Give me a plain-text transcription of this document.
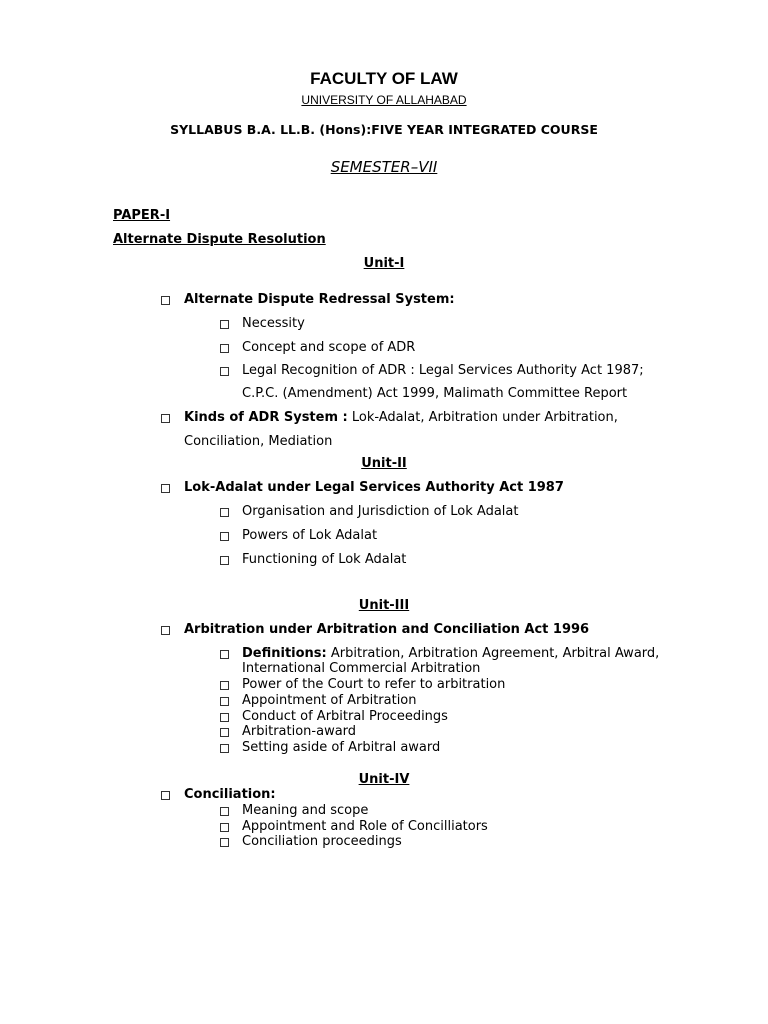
FACULTY OF LAW
UNIVERSITY OF ALLAHABAD
SYLLABUS B.A. LL.B. (Hons):FIVE YEAR INTEGRATED COURSE
SEMESTER–VII
PAPER-I
Alternate Dispute Resolution
Unit-I
Alternate Dispute Redressal System:
Necessity
Concept and scope of ADR
Legal Recognition of ADR : Legal Services Authority Act 1987;
C.P.C. (Amendment) Act 1999, Malimath Committee Report
Kinds of ADR System : Lok-Adalat, Arbitration under Arbitration,
Conciliation, Mediation
Unit-II
Lok-Adalat under Legal Services Authority Act 1987
Organisation and Jurisdiction of Lok Adalat
Powers of Lok Adalat
Functioning of Lok Adalat
Unit-III
Arbitration under Arbitration and Conciliation Act 1996
Definitions: Arbitration, Arbitration Agreement, Arbitral Award,
International Commercial Arbitration
Power of the Court to refer to arbitration
Appointment of Arbitration
Conduct of Arbitral Proceedings
Arbitration-award
Setting aside of Arbitral award
Unit-IV
Conciliation:
Meaning and scope
Appointment and Role of Concilliators
Conciliation proceedings
